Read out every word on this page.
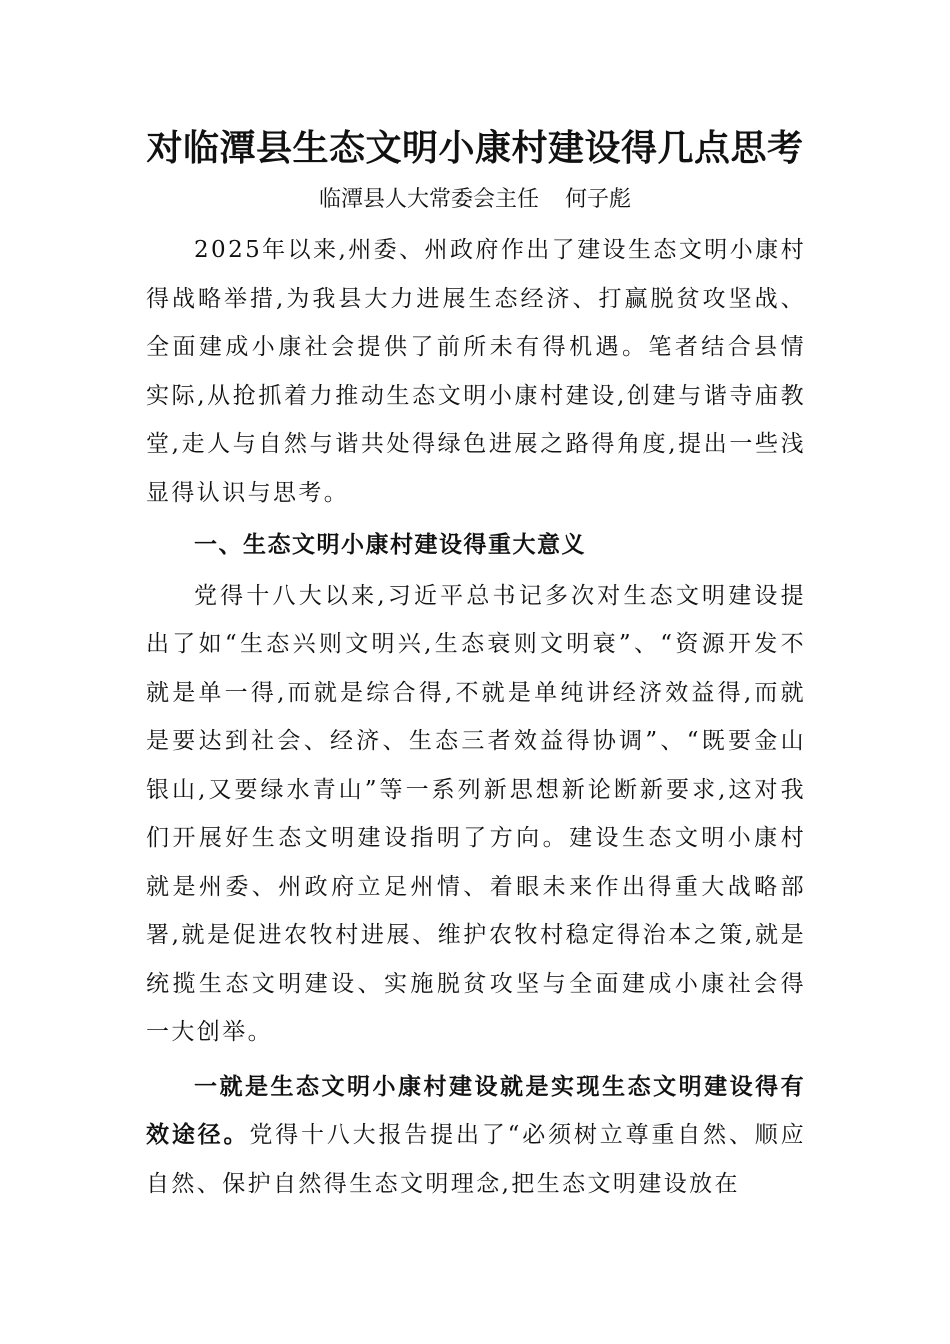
对临潭县生态文明小康村建设得几点思考
临潭县人大常委会主任 何子彪

2025年以来,州委、州政府作出了建设生态文明小康村得战略举措,为我县大力进展生态经济、打赢脱贫攻坚战、全面建成小康社会提供了前所未有得机遇。笔者结合县情实际,从抢抓着力推动生态文明小康村建设,创建与谐寺庙教堂,走人与自然与谐共处得绿色进展之路得角度,提出一些浅显得认识与思考。

一、生态文明小康村建设得重大意义

党得十八大以来,习近平总书记多次对生态文明建设提出了如“生态兴则文明兴,生态衰则文明衰”、“资源开发不就是单一得,而就是综合得,不就是单纯讲经济效益得,而就是要达到社会、经济、生态三者效益得协调”、“既要金山银山,又要绿水青山”等一系列新思想新论断新要求,这对我们开展好生态文明建设指明了方向。建设生态文明小康村就是州委、州政府立足州情、着眼未来作出得重大战略部署,就是促进农牧村进展、维护农牧村稳定得治本之策,就是统揽生态文明建设、实施脱贫攻坚与全面建成小康社会得一大创举。

一就是生态文明小康村建设就是实现生态文明建设得有效途径。党得十八大报告提出了“必须树立尊重自然、顺应自然、保护自然得生态文明理念,把生态文明建设放在
